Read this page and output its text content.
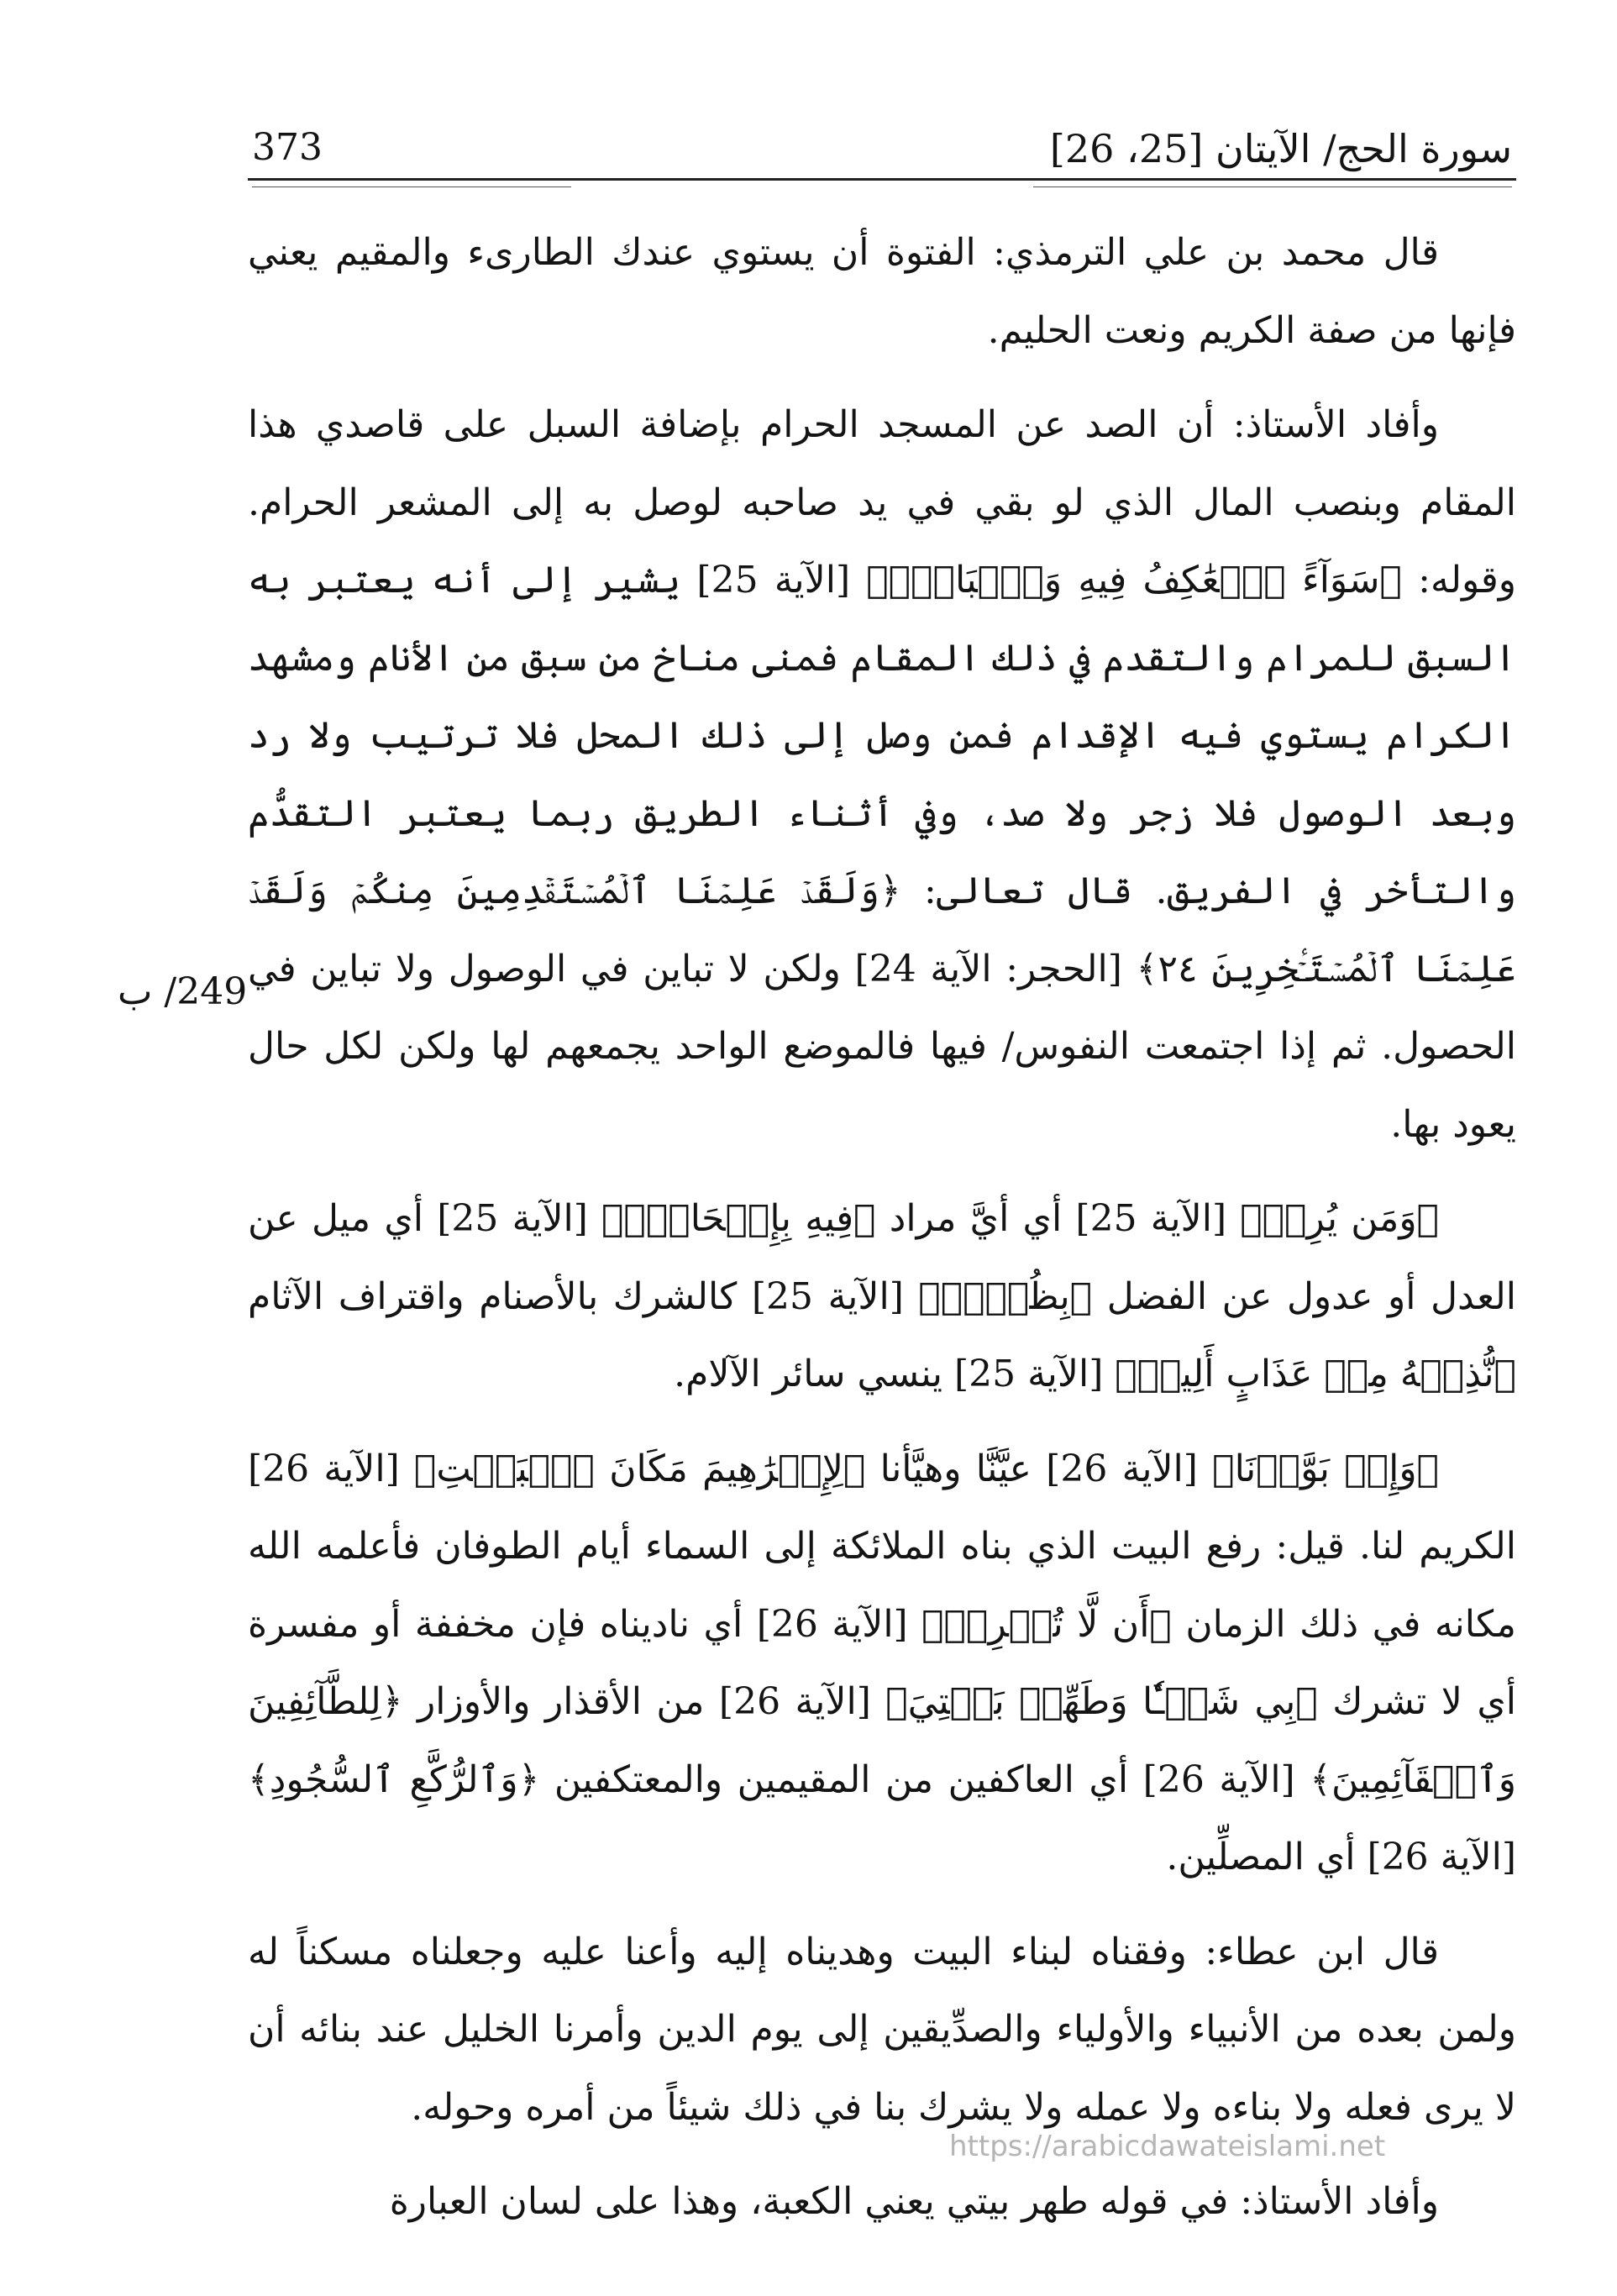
سورة الحج/ الآيتان [25، 26]
373

قال محمد بن علي الترمذي: الفتوة أن يستوي عندك الطارىء والمقيم يعني فإنها من صفة الكريم ونعت الحليم.

وأفاد الأستاذ: أن الصد عن المسجد الحرام بإضافة السبل على قاصدي هذا المقام وبنصب المال الذي لو بقي في يد صاحبه لوصل به إلى المشعر الحرام. وقوله: ﴿سَوَآءً ٱلۡعَٰكِفُ فِيهِ وَٱلۡبَادِۚ﴾ [الآية 25] يشير إلى أنه يعتبر به السبق للمرام والتقدم في ذلك المقام فمنى مناخ من سبق من الأنام ومشهد الكرام يستوي فيه الإقدام فمن وصل إلى ذلك المحل فلا ترتيب ولا رد وبعد الوصول فلا زجر ولا صد، وفي أثناء الطريق ربما يعتبر التقدُّم والتأخر في الفريق. قال تعالى: ﴿وَلَقَدۡ عَلِمۡنَا ٱلۡمُسۡتَقۡدِمِينَ مِنكُمۡ وَلَقَدۡ عَلِمۡنَا ٱلۡمُسۡتَـٔۡخِرِينَ ٢٤﴾ [الحجر: الآية 24] ولكن لا تباين في الوصول ولا تباين في الحصول. ثم إذا اجتمعت النفوس/ فيها فالموضع الواحد يجمعهم لها ولكن لكل حال يعود بها.

﴿وَمَن يُرِدۡ﴾ [الآية 25] أي أيَّ مراد ﴿فِيهِ بِإِلۡحَادِۭ﴾ [الآية 25] أي ميل عن العدل أو عدول عن الفضل ﴿بِظُلۡمٖ﴾ [الآية 25] كالشرك بالأصنام واقتراف الآثام ﴿نُّذِقۡهُ مِنۡ عَذَابٍ أَلِيمٖ﴾ [الآية 25] ينسي سائر الآلام.

﴿وَإِذۡ بَوَّأۡنَا﴾ [الآية 26] عيَّنَّا وهيَّأنا ﴿لِإِبۡرَٰهِيمَ مَكَانَ ٱلۡبَيۡتِ﴾ [الآية 26] الكريم لنا. قيل: رفع البيت الذي بناه الملائكة إلى السماء أيام الطوفان فأعلمه الله مكانه في ذلك الزمان ﴿أَن لَّا تُشۡرِكۡ﴾ [الآية 26] أي ناديناه فإن مخففة أو مفسرة أي لا تشرك ﴿بِي شَيۡـٔٗا وَطَهِّرۡ بَيۡتِيَ﴾ [الآية 26] من الأقذار والأوزار ﴿لِلطَّآئِفِينَ وَٱلۡقَآئِمِينَ﴾ [الآية 26] أي العاكفين من المقيمين والمعتكفين ﴿وَٱلرُّكَّعِ ٱلسُّجُودِ﴾ [الآية 26] أي المصلِّين.

قال ابن عطاء: وفقناه لبناء البيت وهديناه إليه وأعنا عليه وجعلناه مسكناً له ولمن بعده من الأنبياء والأولياء والصدِّيقين إلى يوم الدين وأمرنا الخليل عند بنائه أن لا يرى فعله ولا بناءه ولا عمله ولا يشرك بنا في ذلك شيئاً من أمره وحوله.

وأفاد الأستاذ: في قوله طهر بيتي يعني الكعبة، وهذا على لسان العبارة

249/ ب
https://arabicdawateislami.net
